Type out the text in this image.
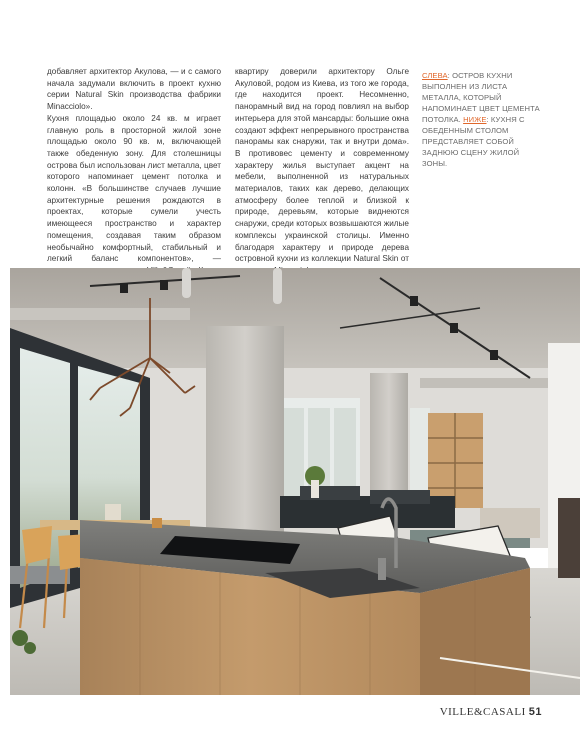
добавляет архитектор Акулова, — и с самого начала задумали включить в проект кухню серии Natural Skin производства фабрики Minacciolo».

Кухня площадью около 24 кв. м играет главную роль в просторной жилой зоне площадью около 90 кв. м, включающей также обеденную зону. Для столешницы острова был использован лист металла, цвет которого напоминает цемент потолка и колонн. «В большинстве случаев лучшие архитектурные решения рождаются в проектах, которые сумели учесть имеющееся пространство и характер помещения, создавая таким образом необычайно комфортный, стабильный и легкий баланс компонентов», —

квартиру доверили архитектору Ольге Акуловой, родом из Киева, из того же города, где находится проект. Несомненно, панорамный вид на город повлиял на выбор интерьера для этой мансарды: большие окна создают эффект непрерывного пространства панорамы как снаружи, так и внутри дома». В противовес цементу и современному характеру жилья выступает акцент на мебели, выполненной из натуральных материалов, таких как дерево, делающих атмосферу более теплой и близкой к природе, деревьям, которые виднеются снаружи, среди которых возвышаются жилые комплексы украинской столицы. Именно благодаря характеру и природе дерева островной кухни из коллекции Natural Skin от

СЛЕВА: ОСТРОВ КУХНИ ВЫПОЛНЕН ИЗ ЛИСТА МЕТАЛЛА, КОТОРЫЙ НАПОМИНАЕТ ЦВЕТ ЦЕМЕНТА ПОТОЛКА. НИЖЕ: КУХНЯ С ОБЕДЕННЫМ СТОЛОМ ПРЕДСТАВЛЯЕТ СОБОЙ ЗАДНЮЮ СЦЕНУ ЖИЛОЙ ЗОНЫ.
VILLE&CASALI 51
